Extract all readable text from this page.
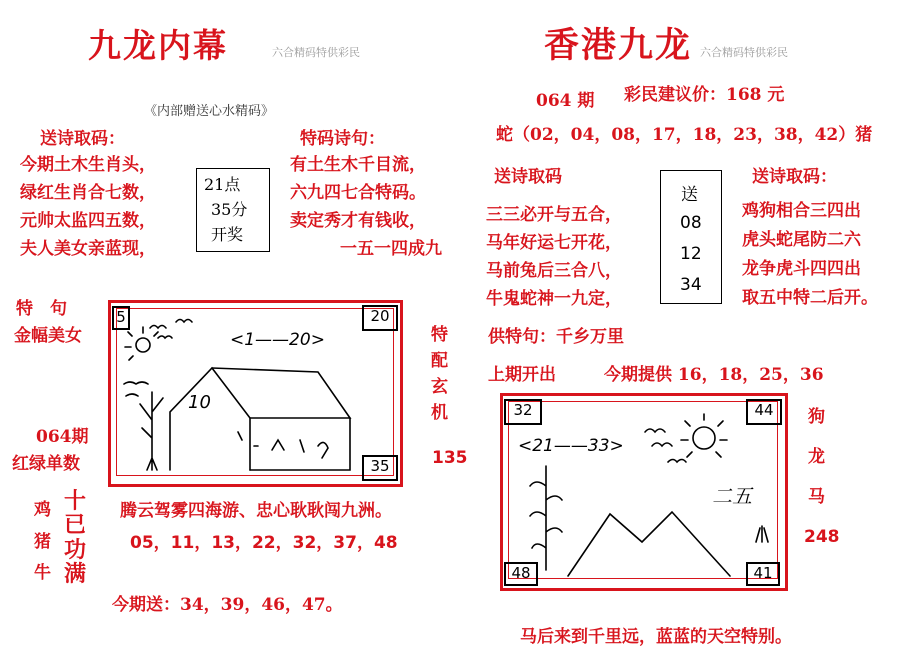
九龙内幕	六合精码特供彩民
《内部赠送心水精码》
送诗取码：
今期土木生肖头，
绿红生肖合七数，
元帅太监四五数，
夫人美女亲蓝现，
21点
35分
开奖
特码诗句：
有土生木千目流，
六九四七合特码。
卖定秀才有钱收，
一五一四成九
特　句
金幅美女
064期
红绿单数
5	20
35
<1——20>
10
特
配
玄
机
135
鸡
猪
牛
十
已
功
满
腾云驾雾四海游、忠心耿耿闯九洲。
05，11，13，22，32，37，48
今期送：34，39，46，47。
香港九龙 六合精码特供彩民
064 期 彩民建议价：168 元
蛇（02，04，08，17，18，23，38，42）猪
送诗取码
三三必开与五合，
马年好运七开花，
马前兔后三合八，
牛鬼蛇神一九定，
送
08
12
34
送诗取码：
鸡狗相合三四出
虎头蛇尾防二六
龙争虎斗四四出
取五中特二后开。
供特句：千乡万里
上期开出	今期提供 16，18，25，36
32	44
48	41
<21——33>
二五
狗
龙
马
248
马后来到千里远，蓝蓝的天空特别。
